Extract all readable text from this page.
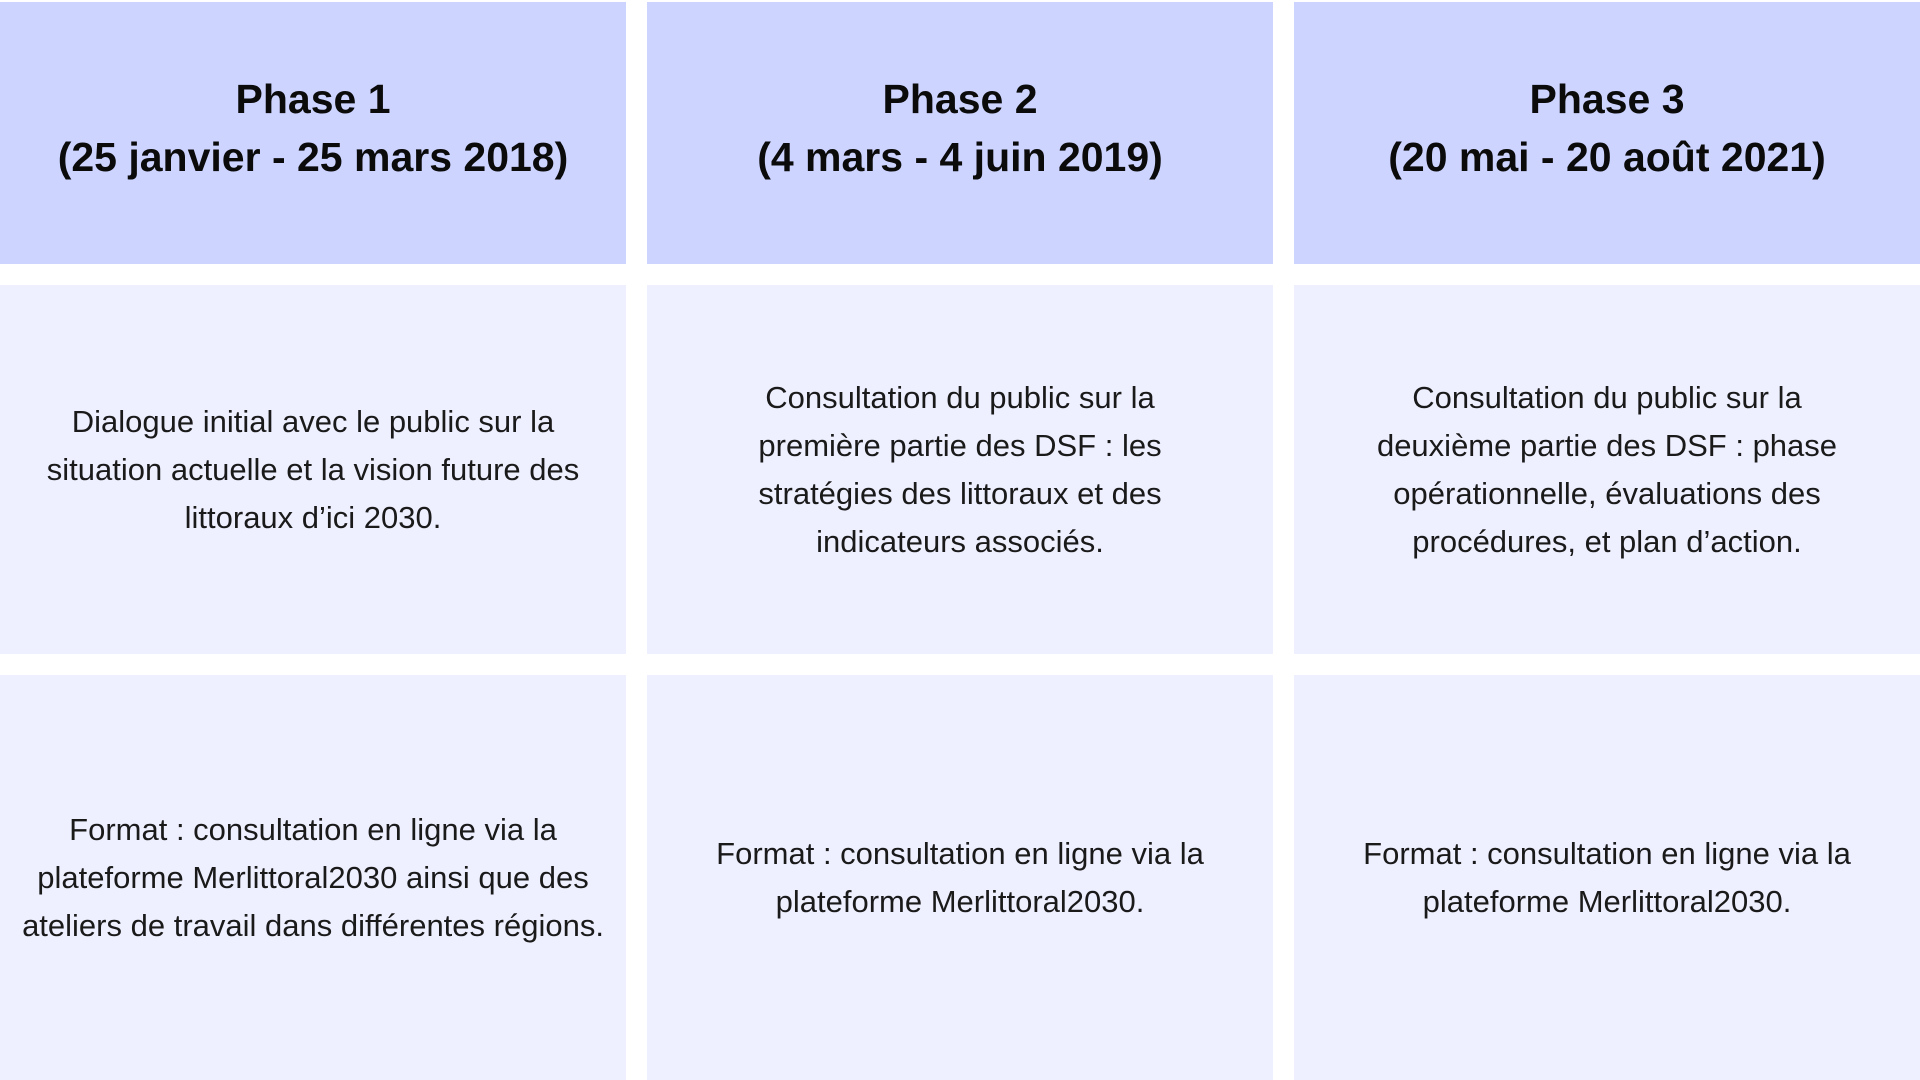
Phase 1
(25 janvier - 25 mars 2018)
Phase 2
(4 mars - 4 juin 2019)
Phase 3
(20 mai - 20 août 2021)

Dialogue initial avec le public sur la situation actuelle et la vision future des littoraux d’ici 2030.

Consultation du public sur la première partie des DSF : les stratégies des littoraux et des indicateurs associés.

Consultation du public sur la deuxième partie des DSF : phase opérationnelle, évaluations des procédures, et plan d’action.

Format : consultation en ligne via la plateforme Merlittoral2030 ainsi que des ateliers de travail dans différentes régions.

Format : consultation en ligne via la plateforme Merlittoral2030.

Format : consultation en ligne via la plateforme Merlittoral2030.
